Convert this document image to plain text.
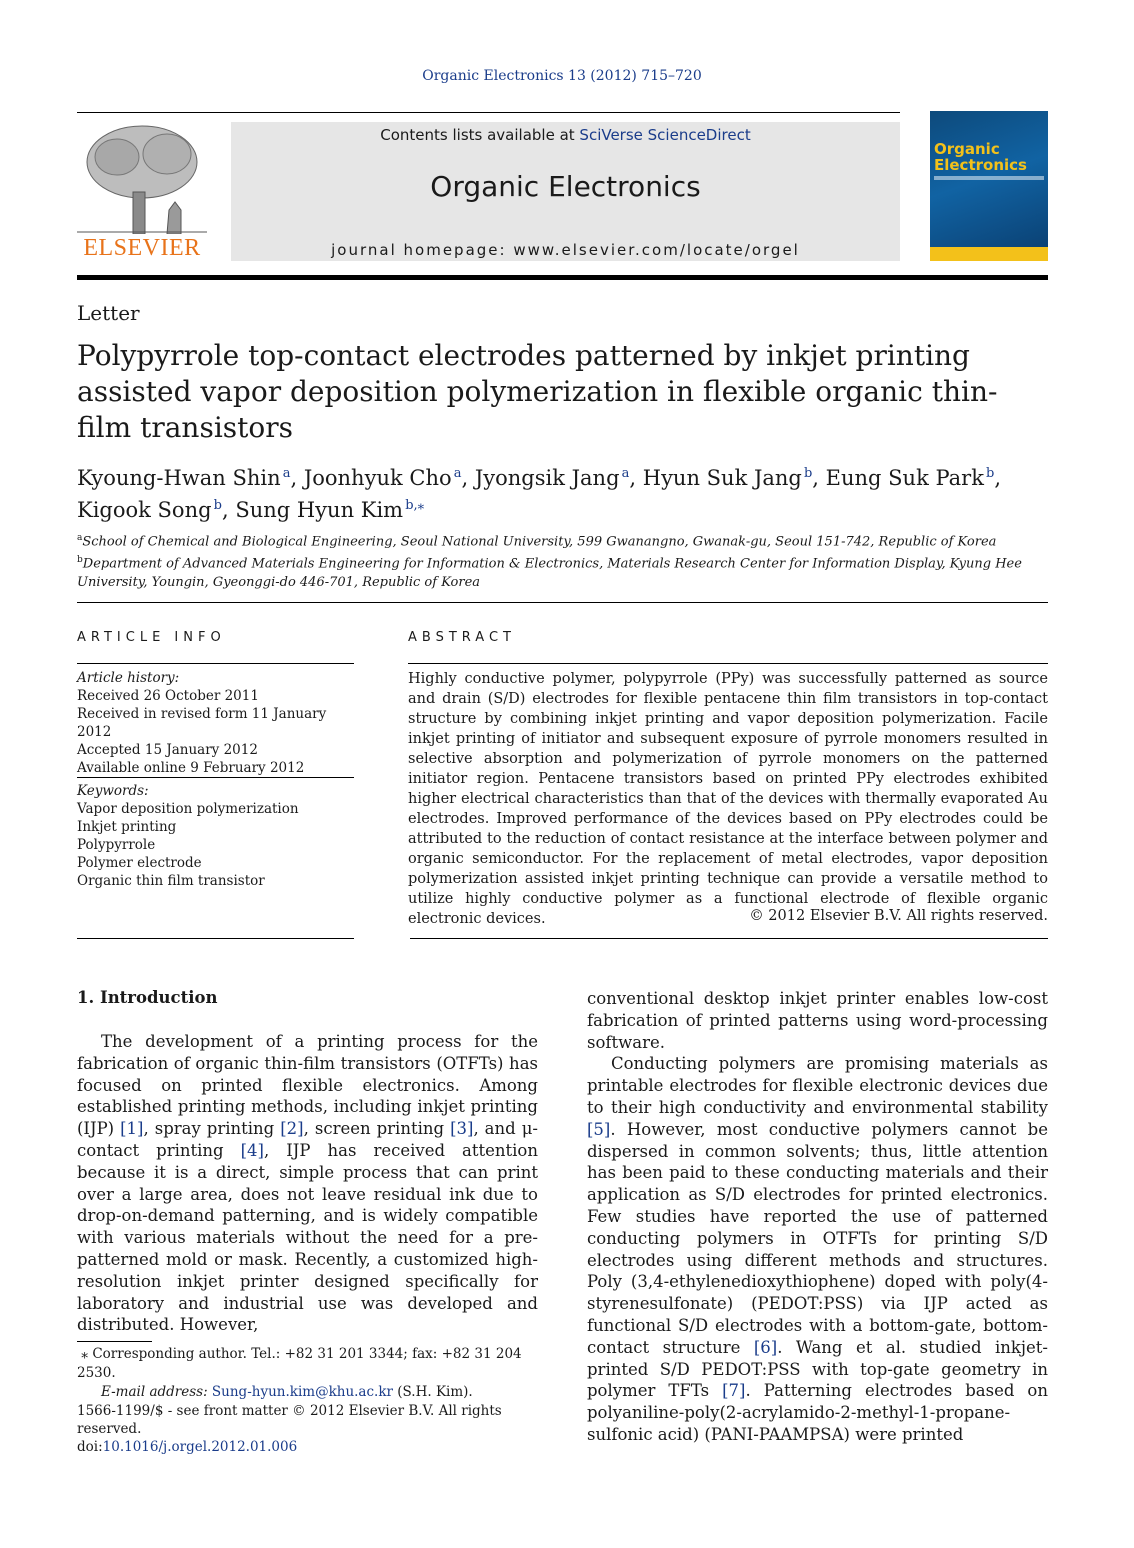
Organic Electronics 13 (2012) 715–720
ELSEVIER
Contents lists available at SciVerse ScienceDirect
Organic Electronics
journal homepage: www.elsevier.com/locate/orgel
Organic
Electronics
Letter
Polypyrrole top-contact electrodes patterned by inkjet printing assisted vapor deposition polymerization in flexible organic thin-film transistors
Kyoung-Hwan Shin  $^a$, Joonhyuk Cho  $^a$, Jyongsik Jang  $^a$, Hyun Suk Jang  $^b$, Eung Suk Park  $^b$,
Kigook Song  $^b$, Sung Hyun Kim  $^{b,⁎}$
$^a$School of Chemical and Biological Engineering, Seoul National University, 599 Gwanangno, Gwanak-gu, Seoul 151-742, Republic of Korea
$^b$Department of Advanced Materials Engineering for Information & Electronics, Materials Research Center for Information Display, Kyung Hee University, Youngin, Gyeonggi-do 446-701, Republic of Korea
ARTICLE INFO
Article history:
Received 26 October 2011
Received in revised form 11 January 2012
Accepted 15 January 2012
Available online 9 February 2012
Keywords:
Vapor deposition polymerization
Inkjet printing
Polypyrrole
Polymer electrode
Organic thin film transistor
ABSTRACT
Highly conductive polymer, polypyrrole (PPy) was successfully patterned as source and drain (S/D) electrodes for flexible pentacene thin film transistors in top-contact structure by combining inkjet printing and vapor deposition polymerization. Facile inkjet printing of initiator and subsequent exposure of pyrrole monomers resulted in selective absorption and polymerization of pyrrole monomers on the patterned initiator region. Pentacene transistors based on printed PPy electrodes exhibited higher electrical characteristics than that of the devices with thermally evaporated Au electrodes. Improved performance of the devices based on PPy electrodes could be attributed to the reduction of contact resistance at the interface between polymer and organic semiconductor. For the replacement of metal electrodes, vapor deposition polymerization assisted inkjet printing technique can provide a versatile method to utilize highly conductive polymer as a functional electrode of flexible organic electronic devices.	© 2012 Elsevier B.V. All rights reserved.
1. Introduction

The development of a printing process for the fabrication of organic thin-film transistors (OTFTs) has focused on printed flexible electronics. Among established printing methods, including inkjet printing (IJP) [1], spray printing [2], screen printing [3], and μ-contact printing [4], IJP has received attention because it is a direct, simple process that can print over a large area, does not leave residual ink due to drop-on-demand patterning, and is widely compatible with various materials without the need for a pre-patterned mold or mask. Recently, a customized high-resolution inkjet printer designed specifically for laboratory and industrial use was developed and distributed. However,

conventional desktop inkjet printer enables low-cost fabrication of printed patterns using word-processing software.

Conducting polymers are promising materials as printable electrodes for flexible electronic devices due to their high conductivity and environmental stability [5]. However, most conductive polymers cannot be dispersed in common solvents; thus, little attention has been paid to these conducting materials and their application as S/D electrodes for printed electronics. Few studies have reported the use of patterned conducting polymers in OTFTs for printing S/D electrodes using different methods and structures. Poly (3,4-ethylenedioxythiophene) doped with poly(4-styrenesulfonate) (PEDOT:PSS) via IJP acted as functional S/D electrodes with a bottom-gate, bottom-contact structure [6]. Wang et al. studied inkjet-printed S/D PEDOT:PSS with top-gate geometry in polymer TFTs [7]. Patterning electrodes based on polyaniline-poly(2-acrylamido-2-methyl-1-propane-sulfonic acid) (PANI-PAAMPSA) were printed

⁎ Corresponding author. Tel.: +82 31 201 3344; fax: +82 31 204 2530.
E-mail address: Sung-hyun.kim@khu.ac.kr (S.H. Kim).
1566-1199/$ - see front matter © 2012 Elsevier B.V. All rights reserved.
doi:10.1016/j.orgel.2012.01.006
